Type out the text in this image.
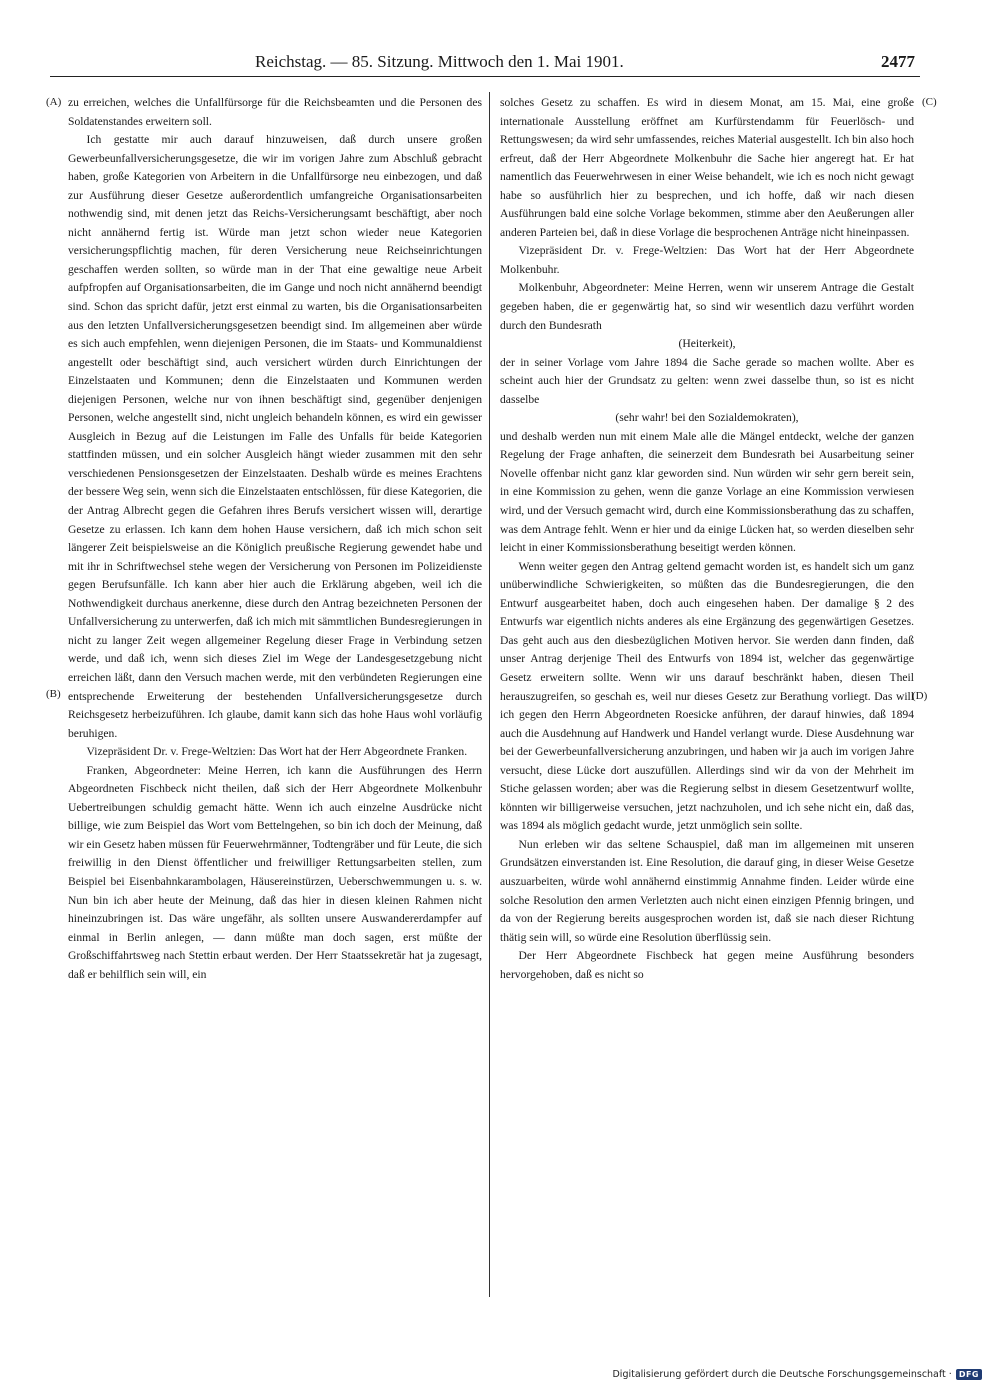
Reichstag. — 85. Sitzung. Mittwoch den 1. Mai 1901.	2477
(A)
(B)
(C)
(D)

zu erreichen, welches die Unfallfürsorge für die Reichsbeamten und die Personen des Soldatenstandes erweitern soll.

Ich gestatte mir auch darauf hinzuweisen, daß durch unsere großen Gewerbeunfallversicherungsgesetze, die wir im vorigen Jahre zum Abschluß gebracht haben, große Kategorien von Arbeitern in die Unfallfürsorge neu einbezogen, und daß zur Ausführung dieser Gesetze außerordentlich umfangreiche Organisationsarbeiten nothwendig sind, mit denen jetzt das Reichs-Versicherungsamt beschäftigt, aber noch nicht annähernd fertig ist. Würde man jetzt schon wieder neue Kategorien versicherungspflichtig machen, für deren Versicherung neue Reichseinrichtungen geschaffen werden sollten, so würde man in der That eine gewaltige neue Arbeit aufpfropfen auf Organisationsarbeiten, die im Gange und noch nicht annähernd beendigt sind. Schon das spricht dafür, jetzt erst einmal zu warten, bis die Organisationsarbeiten aus den letzten Unfallversicherungsgesetzen beendigt sind. Im allgemeinen aber würde es sich auch empfehlen, wenn diejenigen Personen, die im Staats- und Kommunaldienst angestellt oder beschäftigt sind, auch versichert würden durch Einrichtungen der Einzelstaaten und Kommunen; denn die Einzelstaaten und Kommunen werden diejenigen Personen, welche nur von ihnen beschäftigt sind, gegenüber denjenigen Personen, welche angestellt sind, nicht ungleich behandeln können, es wird ein gewisser Ausgleich in Bezug auf die Leistungen im Falle des Unfalls für beide Kategorien stattfinden müssen, und ein solcher Ausgleich hängt wieder zusammen mit den sehr verschiedenen Pensionsgesetzen der Einzelstaaten. Deshalb würde es meines Erachtens der bessere Weg sein, wenn sich die Einzelstaaten entschlössen, für diese Kategorien, die der Antrag Albrecht gegen die Gefahren ihres Berufs versichert wissen will, derartige Gesetze zu erlassen. Ich kann dem hohen Hause versichern, daß ich mich schon seit längerer Zeit beispielsweise an die Königlich preußische Regierung gewendet habe und mit ihr in Schriftwechsel stehe wegen der Versicherung von Personen im Polizeidienste gegen Berufsunfälle. Ich kann aber hier auch die Erklärung abgeben, weil ich die Nothwendigkeit durchaus anerkenne, diese durch den Antrag bezeichneten Personen der Unfallversicherung zu unterwerfen, daß ich mich mit sämmtlichen Bundesregierungen in nicht zu langer Zeit wegen allgemeiner Regelung dieser Frage in Verbindung setzen werde, und daß ich, wenn sich dieses Ziel im Wege der Landesgesetzgebung nicht erreichen läßt, dann den Versuch machen werde, mit den verbündeten Regierungen eine entsprechende Erweiterung der bestehenden Unfallversicherungsgesetze durch Reichsgesetz herbeizuführen. Ich glaube, damit kann sich das hohe Haus wohl vorläufig beruhigen.

Vizepräsident Dr. v. Frege-Weltzien: Das Wort hat der Herr Abgeordnete Franken.

Franken, Abgeordneter: Meine Herren, ich kann die Ausführungen des Herrn Abgeordneten Fischbeck nicht theilen, daß sich der Herr Abgeordnete Molkenbuhr Uebertreibungen schuldig gemacht hätte. Wenn ich auch einzelne Ausdrücke nicht billige, wie zum Beispiel das Wort vom Bettelngehen, so bin ich doch der Meinung, daß wir ein Gesetz haben müssen für Feuerwehrmänner, Todtengräber und für Leute, die sich freiwillig in den Dienst öffentlicher und freiwilliger Rettungsarbeiten stellen, zum Beispiel bei Eisenbahnkarambolagen, Häusereinstürzen, Ueberschwemmungen u. s. w. Nun bin ich aber heute der Meinung, daß das hier in diesen kleinen Rahmen nicht hineinzubringen ist. Das wäre ungefähr, als sollten unsere Auswandererdampfer auf einmal in Berlin anlegen, — dann müßte man doch sagen, erst müßte der Großschiffahrtsweg nach Stettin erbaut werden. Der Herr Staatssekretär hat ja zugesagt, daß er behilflich sein will, ein

solches Gesetz zu schaffen. Es wird in diesem Monat, am 15. Mai, eine große internationale Ausstellung eröffnet am Kurfürstendamm für Feuerlösch- und Rettungswesen; da wird sehr umfassendes, reiches Material ausgestellt. Ich bin also hoch erfreut, daß der Herr Abgeordnete Molkenbuhr die Sache hier angeregt hat. Er hat namentlich das Feuerwehrwesen in einer Weise behandelt, wie ich es noch nicht gewagt habe so ausführlich hier zu besprechen, und ich hoffe, daß wir nach diesen Ausführungen bald eine solche Vorlage bekommen, stimme aber den Aeußerungen aller anderen Parteien bei, daß in diese Vorlage die besprochenen Anträge nicht hineinpassen.

Vizepräsident Dr. v. Frege-Weltzien: Das Wort hat der Herr Abgeordnete Molkenbuhr.

Molkenbuhr, Abgeordneter: Meine Herren, wenn wir unserem Antrage die Gestalt gegeben haben, die er gegenwärtig hat, so sind wir wesentlich dazu verführt worden durch den Bundesrath

(Heiterkeit),

der in seiner Vorlage vom Jahre 1894 die Sache gerade so machen wollte. Aber es scheint auch hier der Grundsatz zu gelten: wenn zwei dasselbe thun, so ist es nicht dasselbe

(sehr wahr! bei den Sozialdemokraten),

und deshalb werden nun mit einem Male alle die Mängel entdeckt, welche der ganzen Regelung der Frage anhaften, die seinerzeit dem Bundesrath bei Ausarbeitung seiner Novelle offenbar nicht ganz klar geworden sind. Nun würden wir sehr gern bereit sein, in eine Kommission zu gehen, wenn die ganze Vorlage an eine Kommission verwiesen wird, und der Versuch gemacht wird, durch eine Kommissionsberathung das zu schaffen, was dem Antrage fehlt. Wenn er hier und da einige Lücken hat, so werden dieselben sehr leicht in einer Kommissionsberathung beseitigt werden können.

Wenn weiter gegen den Antrag geltend gemacht worden ist, es handelt sich um ganz unüberwindliche Schwierigkeiten, so müßten das die Bundesregierungen, die den Entwurf ausgearbeitet haben, doch auch eingesehen haben. Der damalige § 2 des Entwurfs war eigentlich nichts anderes als eine Ergänzung des gegenwärtigen Gesetzes. Das geht auch aus den diesbezüglichen Motiven hervor. Sie werden dann finden, daß unser Antrag derjenige Theil des Entwurfs von 1894 ist, welcher das gegenwärtige Gesetz erweitern sollte. Wenn wir uns darauf beschränkt haben, diesen Theil herauszugreifen, so geschah es, weil nur dieses Gesetz zur Berathung vorliegt. Das will ich gegen den Herrn Abgeordneten Roesicke anführen, der darauf hinwies, daß 1894 auch die Ausdehnung auf Handwerk und Handel verlangt wurde. Diese Ausdehnung war bei der Gewerbeunfallversicherung anzubringen, und haben wir ja auch im vorigen Jahre versucht, diese Lücke dort auszufüllen. Allerdings sind wir da von der Mehrheit im Stiche gelassen worden; aber was die Regierung selbst in diesem Gesetzentwurf wollte, könnten wir billigerweise versuchen, jetzt nachzuholen, und ich sehe nicht ein, daß das, was 1894 als möglich gedacht wurde, jetzt unmöglich sein sollte.

Nun erleben wir das seltene Schauspiel, daß man im allgemeinen mit unseren Grundsätzen einverstanden ist. Eine Resolution, die darauf ging, in dieser Weise Gesetze auszuarbeiten, würde wohl annähernd einstimmig Annahme finden. Leider würde eine solche Resolution den armen Verletzten auch nicht einen einzigen Pfennig bringen, und da von der Regierung bereits ausgesprochen worden ist, daß sie nach dieser Richtung thätig sein will, so würde eine Resolution überflüssig sein.

Der Herr Abgeordnete Fischbeck hat gegen meine Ausführung besonders hervorgehoben, daß es nicht so

Digitalisierung gefördert durch die Deutsche Forschungsgemeinschaft · DFG
